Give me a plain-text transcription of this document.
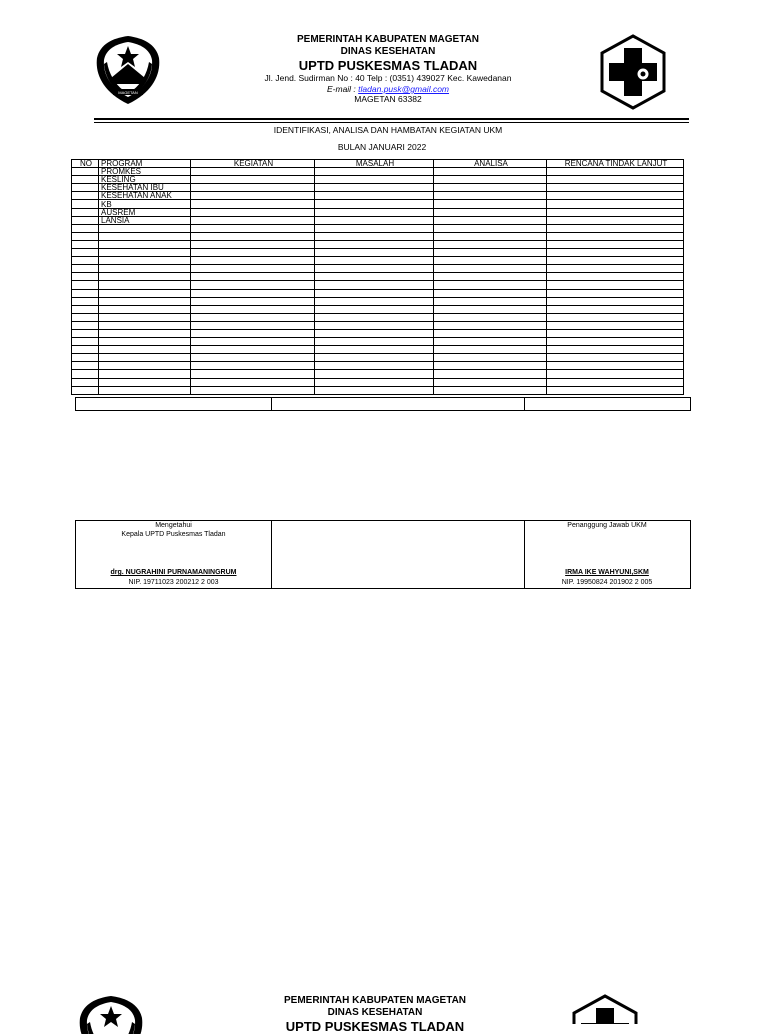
MAGETAN
PEMERINTAH KABUPATEN MAGETAN
DINAS KESEHATAN
UPTD PUSKESMAS TLADAN
Jl. Jend. Sudirman No : 40 Telp : (0351) 439027 Kec. Kawedanan
E-mail : tladan.pusk@gmail.com
MAGETAN 63382
IDENTIFIKASI, ANALISA DAN HAMBATAN KEGIATAN UKM
BULAN JANUARI 2022
NO	PROGRAM	KEGIATAN	MASALAH	ANALISA	RENCANA TINDAK LANJUT
	PROMKES				
	KESLING				
	KESEHATAN IBU				
	KESEHATAN ANAK				
	KB				
	AUSREM				
	LANSIA				

Mengetahui
Kepala UPTD Puskesmas Tladan
drg. NUGRAHINI PURNAMANINGRUM
NIP. 19711023 200212 2 003
Penanggung Jawab UKM
IRMA IKE WAHYUNI,SKM
NIP. 19950824 201902 2 005
PEMERINTAH KABUPATEN MAGETAN
DINAS KESEHATAN
UPTD PUSKESMAS TLADAN
